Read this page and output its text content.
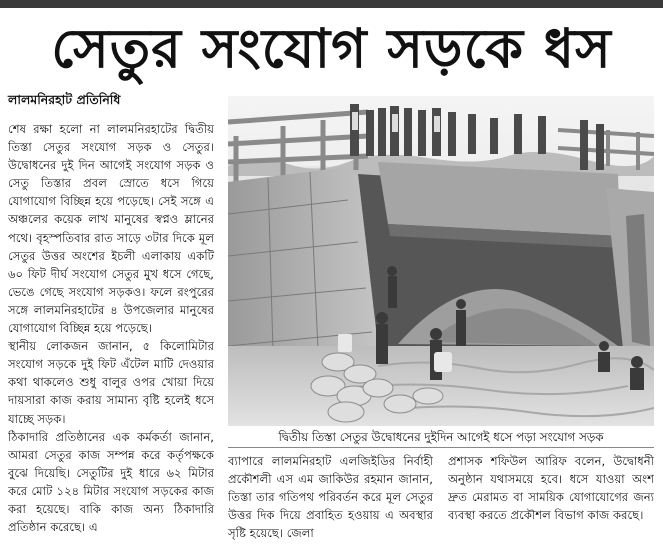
সেতুর সংযোগ সড়কে ধস
লালমনিরহাট প্রতিনিধি

শেষ রক্ষা হলো না লালমনিরহাটের দ্বিতীয় তিস্তা সেতুর সংযোগ সড়ক ও সেতুর। উদ্বোধনের দুই দিন আগেই সংযোগ সড়ক ও সেতু তিস্তার প্রবল স্রোতে ধসে গিয়ে যোগাযোগ বিচ্ছিন্ন হয়ে পড়েছে। সেই সঙ্গে এ অঞ্চলের কয়েক লাখ মানুষের স্বপ্নও ম্লানের পথে। বৃহস্পতিবার রাত সাড়ে ৩টার দিকে মূল সেতুর উত্তর অংশের ইচলী এলাকায় একটি ৬০ ফিট দীর্ঘ সংযোগ সেতুর মুখ ধসে গেছে, ভেঙে গেছে সংযোগ সড়কও। ফলে রংপুরের সঙ্গে লালমনিরহাটের ৪ উপজেলার মানুষের যোগাযোগ বিচ্ছিন্ন হয়ে পড়েছে।

স্থানীয় লোকজন জানান, ৫ কিলোমিটার সংযোগ সড়কে দুই ফিট এঁটেল মাটি দেওয়ার কথা থাকলেও শুধু বালুর ওপর খোয়া দিয়ে দায়সারা কাজ করায় সামান্য বৃষ্টি হলেই ধসে যাচ্ছে সড়ক।

ঠিকাদারি প্রতিষ্ঠানের এক কর্মকর্তা জানান, আমরা সেতুর কাজ সম্পন্ন করে কর্তৃপক্ষকে বুঝে দিয়েছি। সেতুটির দুই ধারে ৬২ মিটার করে মোট ১২৪ মিটার সংযোগ সড়কের কাজ করা হয়েছে। বাকি কাজ অন্য ঠিকাদারি প্রতিষ্ঠান করেছে। এ

দ্বিতীয় তিস্তা সেতুর উদ্বোধনের দুইদিন আগেই ধসে পড়া সংযোগ সড়ক

ব্যাপারে লালমনিরহাট এলজিইডির নির্বাহী প্রকৌশলী এস এম জাকিউর রহমান জানান, তিস্তা তার গতিপথ পরিবর্তন করে মূল সেতুর উত্তর দিক দিয়ে প্রবাহিত হওয়ায় এ অবস্থার সৃষ্টি হয়েছে। জেলা

প্রশাসক শফিউল আরিফ বলেন, উদ্বোধনী অনুষ্ঠান যথাসময়ে হবে। ধসে যাওয়া অংশ দ্রুত মেরামত বা সাময়িক যোগাযোগের জন্য ব্যবস্থা করতে প্রকৌশল বিভাগ কাজ করছে।
